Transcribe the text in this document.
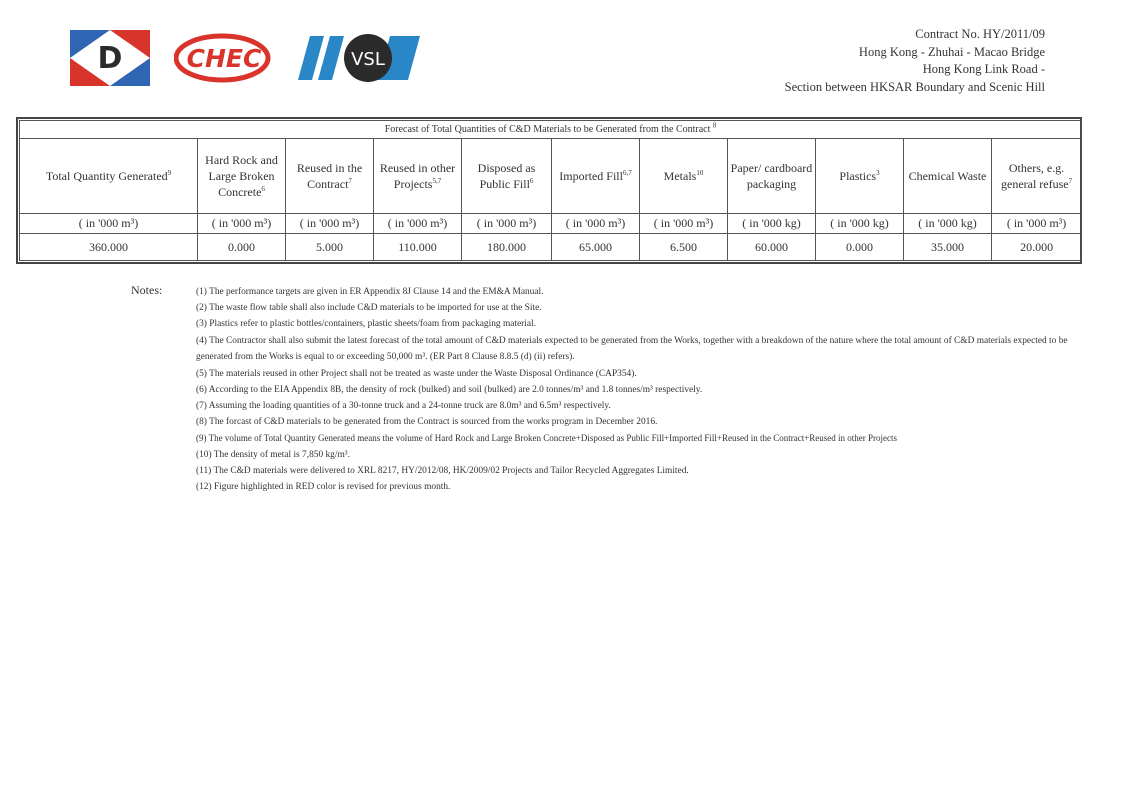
D	CHEC	VSL
Contract No. HY/2011/09
Hong Kong - Zhuhai - Macao Bridge
Hong Kong Link Road -
Section between HKSAR Boundary and Scenic Hill
Forecast of Total Quantities of C&D Materials to be Generated from the Contract $^8$
Total Quantity Generated$^9$	Hard Rock and Large Broken Concrete$^6$	Reused in the Contract$^7$	Reused in other Projects$^{5,7}$	Disposed as Public Fill$^6$	Imported Fill$^{6,7}$	Metals$^{10}$	Paper/ cardboard packaging	Plastics$^3$	Chemical Waste	Others, e.g. general refuse$^7$
( in '000 m³)	( in '000 m³)	( in '000 m³)	( in '000 m³)	( in '000 m³)	( in '000 m³)	( in '000 m³)	( in '000 kg)	( in '000 kg)	( in '000 kg)	( in '000 m³)
360.000	0.000	5.000	110.000	180.000	65.000	6.500	60.000	0.000	35.000	20.000
Notes:	(1) The performance targets are given in ER Appendix 8J Clause 14 and the EM&A Manual.
(2) The waste flow table shall also include C&D materials to be imported for use at the Site.
(3) Plastics refer to plastic bottles/containers, plastic sheets/foam from packaging material.
(4) The Contractor shall also submit the latest forecast of the total amount of C&D materials expected to be generated from the Works, together with a breakdown of the nature where the total amount of C&D materials expected to be generated from the Works is equal to or exceeding 50,000 m³. (ER Part 8 Clause 8.8.5 (d) (ii) refers).
(5) The materials reused in other Project shall not be treated as waste under the Waste Disposal Ordinance (CAP354).
(6) According to the EIA Appendix 8B, the density of rock (bulked) and soil (bulked) are 2.0 tonnes/m³ and 1.8 tonnes/m³ respectively.
(7) Assuming the loading quantities of a 30-tonne truck and a 24-tonne truck are 8.0m³ and 6.5m³ respectively.
(8) The forcast of C&D materials to be generated from the Contract is sourced from the works program in December 2016.
(9) The volume of Total Quantity Generated means the volume of Hard Rock and Large Broken Concrete+Disposed as Public Fill+Imported Fill+Reused in the Contract+Reused in other Projects
(10) The density of metal is 7,850 kg/m³.
(11) The C&D materials were delivered to XRL 8217, HY/2012/08, HK/2009/02 Projects and Tailor Recycled Aggregates Limited.
(12) Figure highlighted in RED color is revised for previous month.
